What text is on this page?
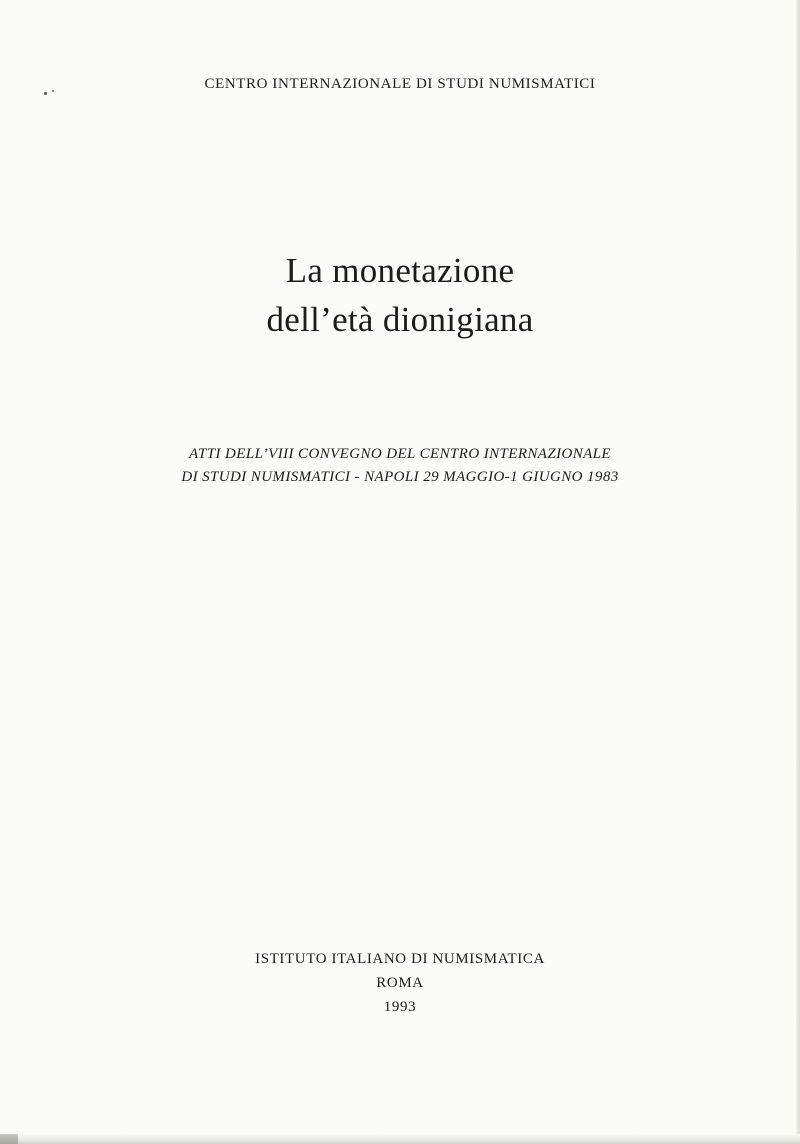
CENTRO INTERNAZIONALE DI STUDI NUMISMATICI

La monetazione
dell’età dionigiana

ATTI DELL’VIII CONVEGNO DEL CENTRO INTERNAZIONALE
DI STUDI NUMISMATICI - NAPOLI 29 MAGGIO-1 GIUGNO 1983

ISTITUTO ITALIANO DI NUMISMATICA
ROMA
1993
